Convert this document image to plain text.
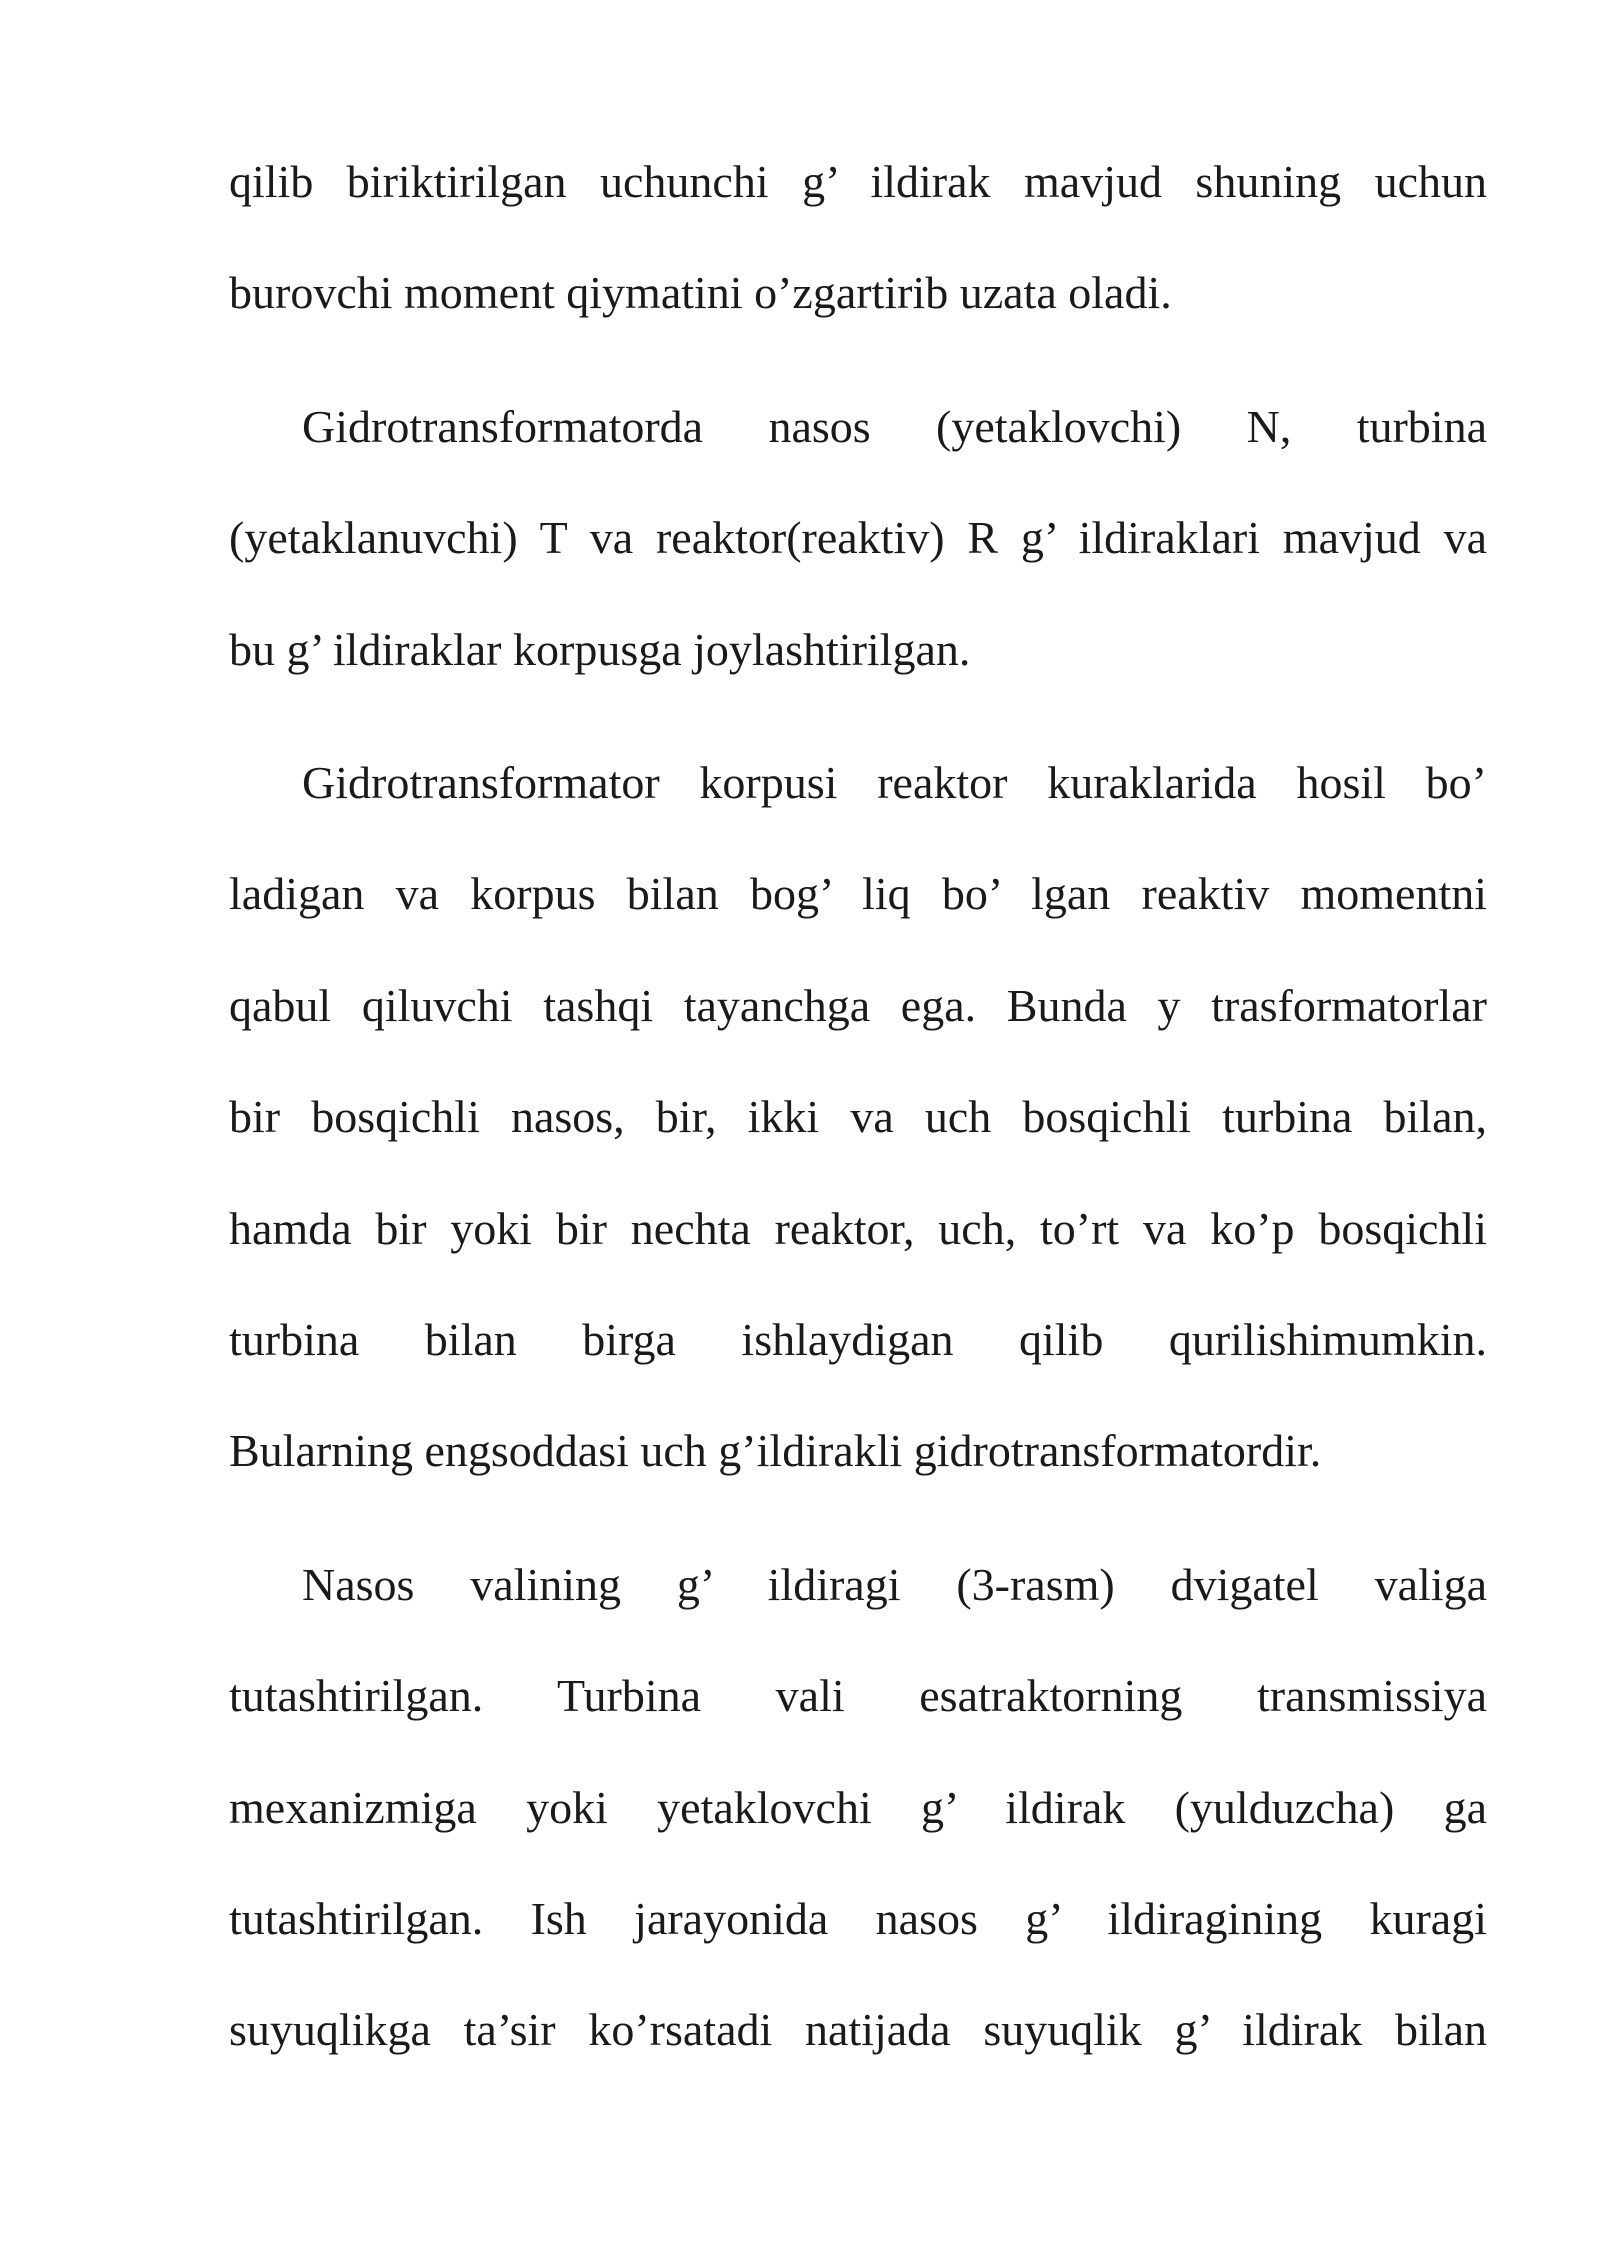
qilib biriktirilgan uchunchi g’ ildirak mavjud shuning uchun
burovchi moment qiymatini o’zgartirib uzata oladi.
Gidrotransformatorda nasos (yetaklovchi) N, turbina
(yetaklanuvchi) T va reaktor(reaktiv) R g’ ildiraklari mavjud va
bu g’ ildiraklar korpusga joylashtirilgan.
Gidrotransformator korpusi reaktor kuraklarida hosil bo’
ladigan va korpus bilan bog’ liq bo’ lgan reaktiv momentni
qabul qiluvchi tashqi tayanchga ega. Bunda y trasformatorlar
bir bosqichli nasos, bir, ikki va uch bosqichli turbina bilan,
hamda bir yoki bir nechta reaktor, uch, to’rt va ko’p bosqichli
turbina bilan birga ishlaydigan qilib qurilishimumkin.
Bularning engsoddasi uch g’ildirakli gidrotransformatordir.
Nasos valining g’ ildiragi (3-rasm) dvigatel valiga
tutashtirilgan. Turbina vali esatraktorning transmissiya
mexanizmiga yoki yetaklovchi g’ ildirak (yulduzcha) ga
tutashtirilgan. Ish jarayonida nasos g’ ildiragining kuragi
suyuqlikga ta’sir ko’rsatadi natijada suyuqlik g’ ildirak bilan
